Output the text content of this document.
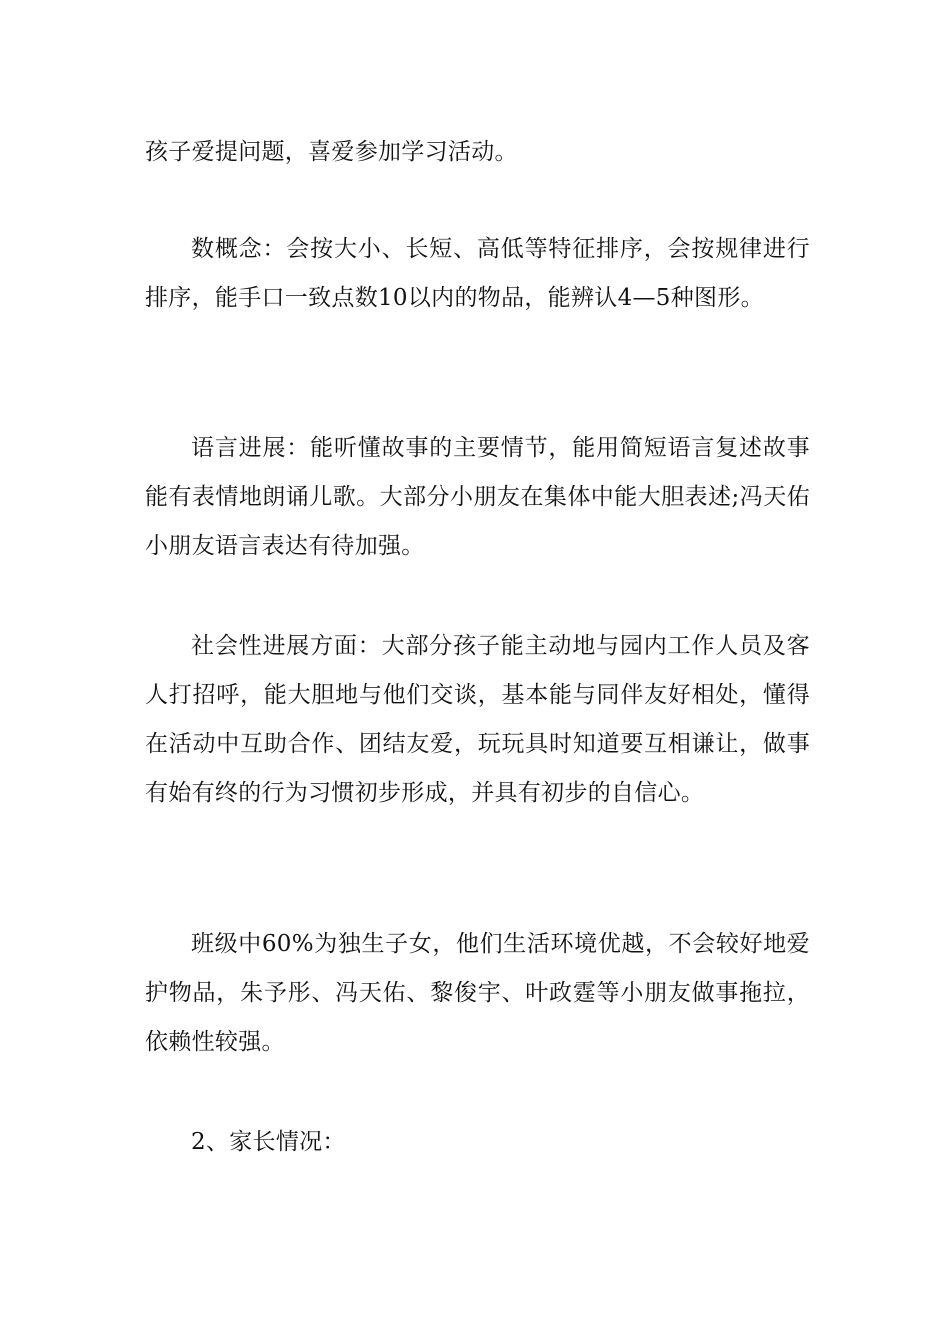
孩子爱提问题，喜爱参加学习活动。

数概念：会按大小、长短、高低等特征排序，会按规律进行排序，能手口一致点数10以内的物品，能辨认4—5种图形。

语言进展：能听懂故事的主要情节，能用简短语言复述故事能有表情地朗诵儿歌。大部分小朋友在集体中能大胆表述;冯天佑小朋友语言表达有待加强。

社会性进展方面：大部分孩子能主动地与园内工作人员及客人打招呼，能大胆地与他们交谈，基本能与同伴友好相处，懂得在活动中互助合作、团结友爱，玩玩具时知道要互相谦让，做事有始有终的行为习惯初步形成，并具有初步的自信心。

班级中60%为独生子女，他们生活环境优越，不会较好地爱护物品，朱予彤、冯天佑、黎俊宇、叶政霆等小朋友做事拖拉，依赖性较强。

2、家长情况：
